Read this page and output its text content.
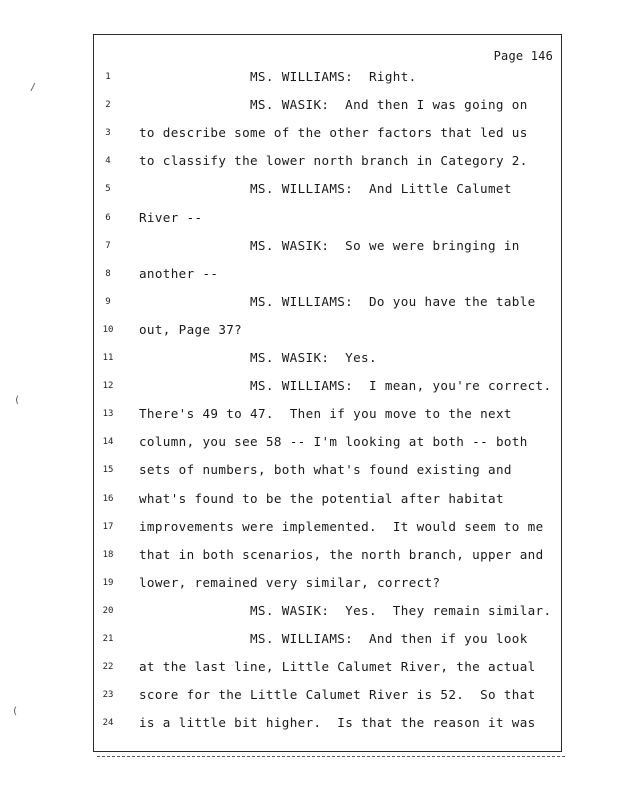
Page 146
1	MS. WILLIAMS:  Right.
2	MS. WASIK:  And then I was going on
3	to describe some of the other factors that led us
4	to classify the lower north branch in Category 2.
5	MS. WILLIAMS:  And Little Calumet
6	River --
7	MS. WASIK:  So we were bringing in
8	another --
9	MS. WILLIAMS:  Do you have the table
10 out, Page 37?
11	MS. WASIK:  Yes.
12	MS. WILLIAMS:  I mean, you're correct.
13 There's 49 to 47.  Then if you move to the next
14 column, you see 58 -- I'm looking at both -- both
15 sets of numbers, both what's found existing and
16 what's found to be the potential after habitat
17 improvements were implemented.  It would seem to me
18 that in both scenarios, the north branch, upper and
19 lower, remained very similar, correct?
20	MS. WASIK:  Yes.  They remain similar.
21	MS. WILLIAMS:  And then if you look
22 at the last line, Little Calumet River, the actual
23 score for the Little Calumet River is 52.  So that
24 is a little bit higher.  Is that the reason it was
/
(
(
